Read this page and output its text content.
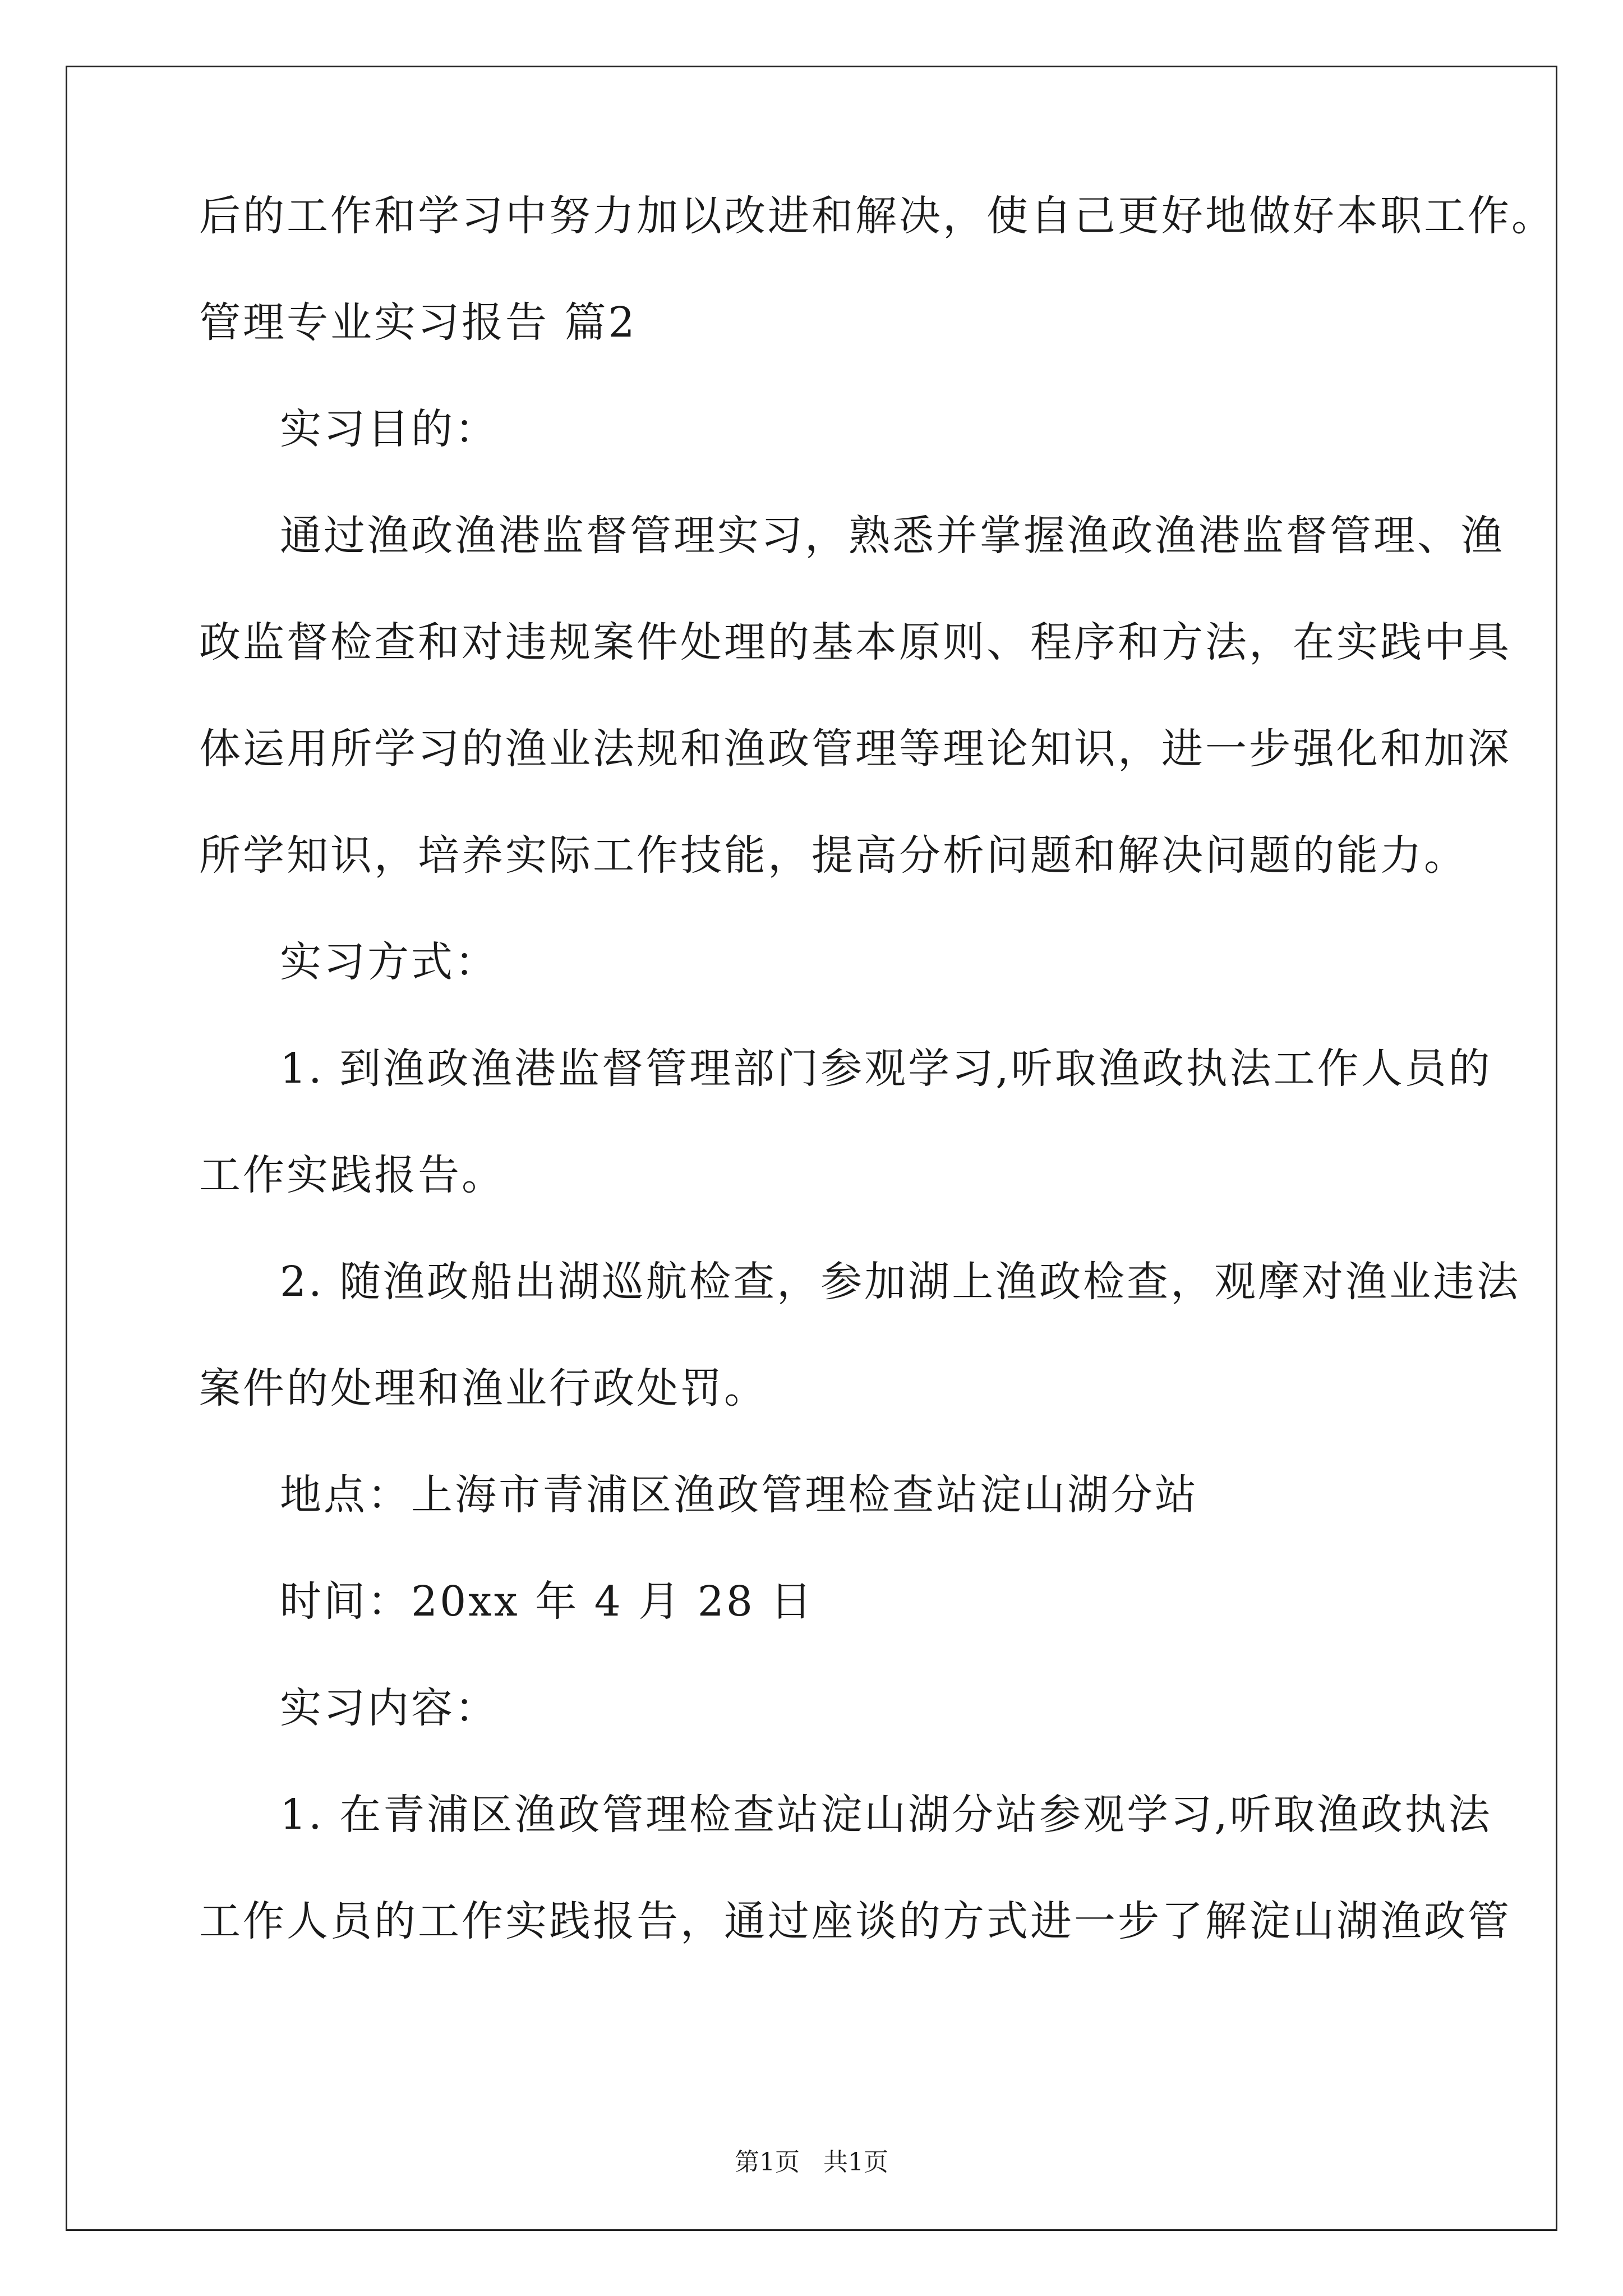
后的工作和学习中努力加以改进和解决，使自己更好地做好本职工作。
管理专业实习报告 篇2
实习目的：
通过渔政渔港监督管理实习，熟悉并掌握渔政渔港监督管理、渔
政监督检查和对违规案件处理的基本原则、程序和方法，在实践中具
体运用所学习的渔业法规和渔政管理等理论知识，进一步强化和加深
所学知识，培养实际工作技能，提高分析问题和解决问题的能力。
实习方式：
1. 到渔政渔港监督管理部门参观学习,听取渔政执法工作人员的
工作实践报告。
2. 随渔政船出湖巡航检查，参加湖上渔政检查，观摩对渔业违法
案件的处理和渔业行政处罚。
地点：上海市青浦区渔政管理检查站淀山湖分站
时间：20xx 年 4 月 28 日
实习内容：
1. 在青浦区渔政管理检查站淀山湖分站参观学习,听取渔政执法
工作人员的工作实践报告，通过座谈的方式进一步了解淀山湖渔政管
第1页 共1页
